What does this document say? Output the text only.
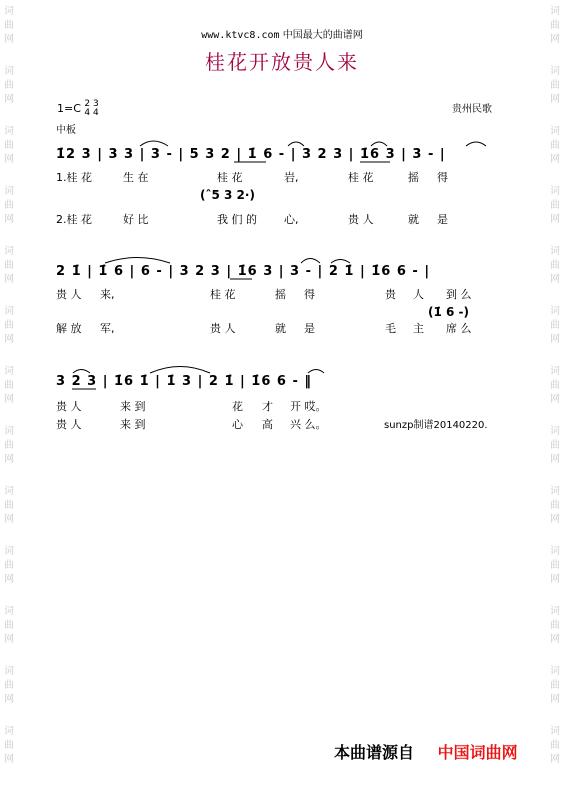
词
曲
网
词
曲
网
词
曲
网
词
曲
网
词
曲
网
词
曲
网
词
曲
网
词
曲
网
词
曲
网
词
曲
网
词
曲
网
词
曲
网
词
曲
网
词
曲
网
词
曲
网
词
曲
网
词
曲
网
词
曲
网
词
曲
网
词
曲
网
词
曲
网
词
曲
网
词
曲
网
词
曲
网
词
曲
网
词
曲
网
www.ktvc8.com 中国最大的曲谱网
桂花开放贵人来
1=C 2 3
4 4
中板
贵州民歌
1̇2 3 | 3 3 | 3 - | 5 3 2 | 1̇ 6 - | 3 2 3 | 1̇6 3 | 3 - |
1.桂 花	生 在	桂 花	岩,	桂 花	摇 得
(ˆ5 3 2·)
2.桂 花	好 比	我 们 的 心,	贵 人	就 是
2 1̇ | 1̇ 6 | 6 - | 3 2 3 | 1̇6 3 | 3 - | 2 1̇ | 1̇6 6 - |
贵 人 来,	桂 花	摇 得	贵 人 到 么
(1̇ 6 -)
解 放 军,	贵 人	就 是	毛 主 席 么
3 2 3 | 1̇6 1̇ | 1̇ 3 | 2 1̇ | 1̇6 6 - ‖
贵 人	来 到	花 才 开 哎。
贵 人	来 到	心 高 兴 么。	sunzp制谱20140220.
本曲谱源自 中国词曲网
